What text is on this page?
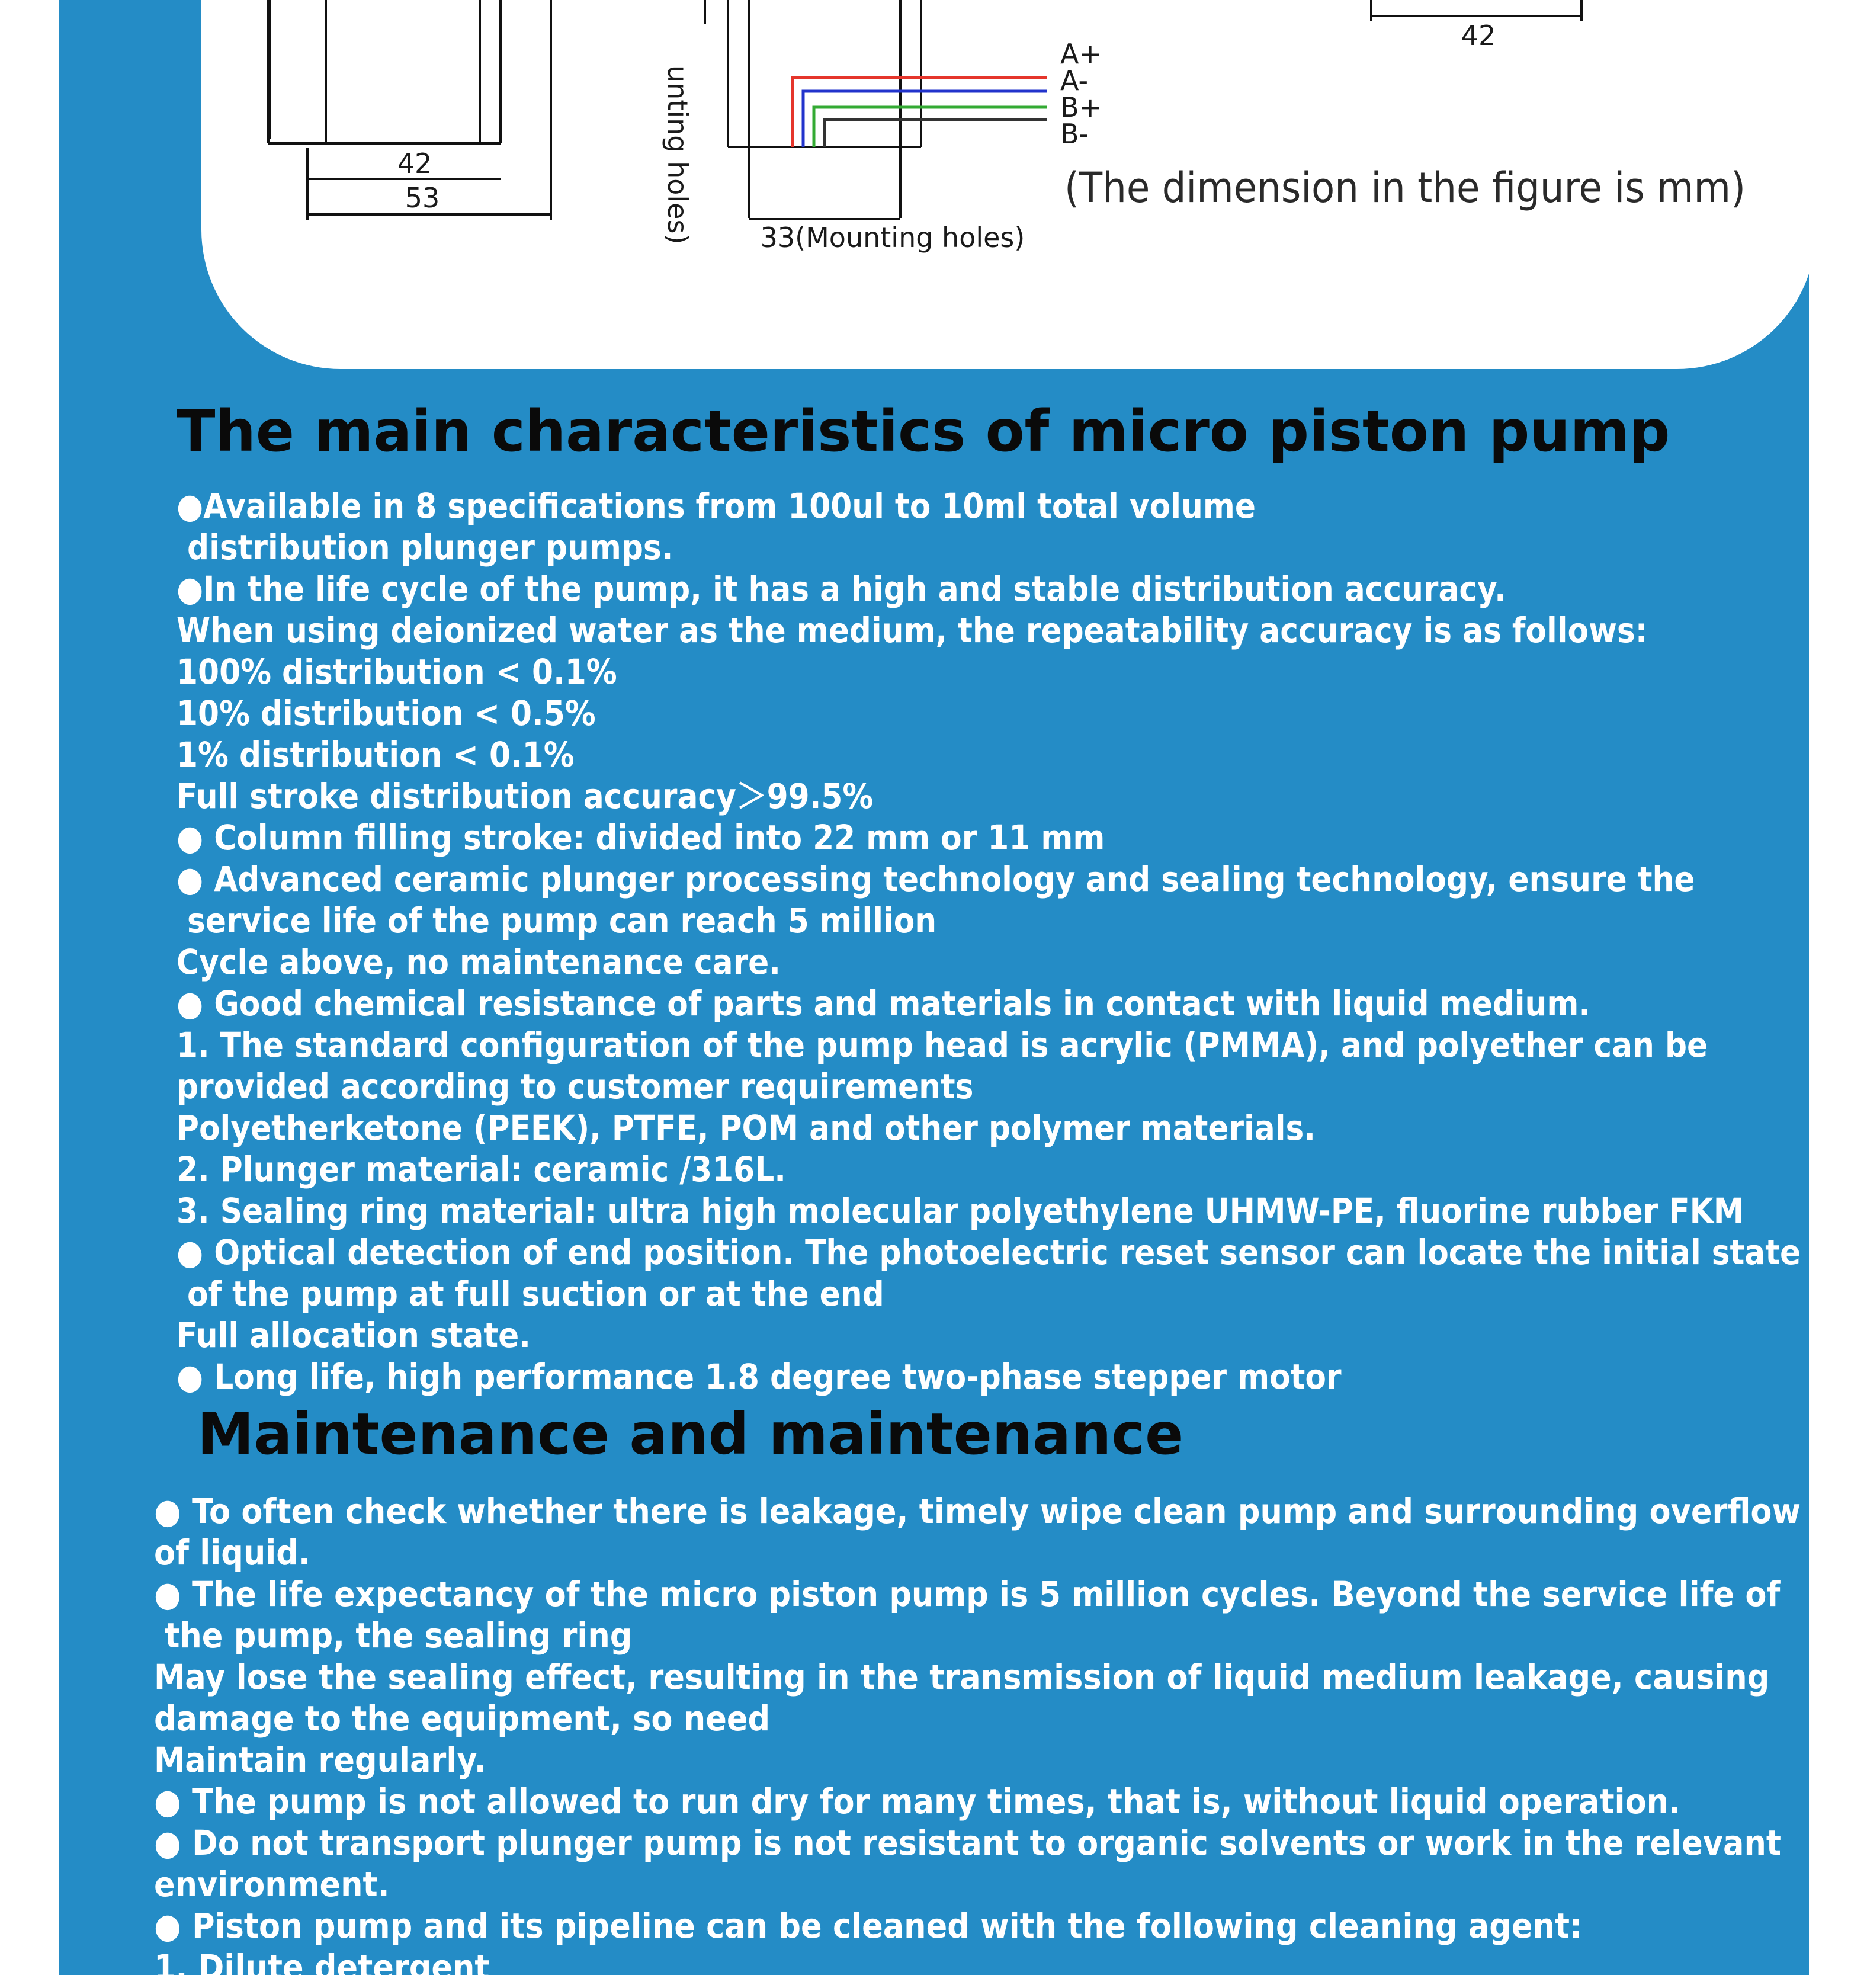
42
53	unting holes) 33(Mounting holes)
42
A+
A-
B+
B-
(The dimension in the figure is mm)
The main characteristics of micro piston pump
●Available in 8 specifications from 100ul to 10ml total volume
distribution plunger pumps.
●In the life cycle of the pump, it has a high and stable distribution accuracy.
When using deionized water as the medium, the repeatability accuracy is as follows:
100% distribution < 0.1%
10% distribution < 0.5%
1% distribution < 0.1%
Full stroke distribution accuracy＞99.5%
● Column filling stroke: divided into 22 mm or 11 mm
● Advanced ceramic plunger processing technology and sealing technology, ensure the
service life of the pump can reach 5 million
Cycle above, no maintenance care.
● Good chemical resistance of parts and materials in contact with liquid medium.
1. The standard configuration of the pump head is acrylic (PMMA), and polyether can be
provided according to customer requirements
Polyetherketone (PEEK), PTFE, POM and other polymer materials.
2. Plunger material: ceramic /316L.
3. Sealing ring material: ultra high molecular polyethylene UHMW-PE, fluorine rubber FKM
● Optical detection of end position. The photoelectric reset sensor can locate the initial state
of the pump at full suction or at the end
Full allocation state.
● Long life, high performance 1.8 degree two-phase stepper motor
Maintenance and maintenance
● To often check whether there is leakage, timely wipe clean pump and surrounding overflow
of liquid.
● The life expectancy of the micro piston pump is 5 million cycles. Beyond the service life of
the pump, the sealing ring
May lose the sealing effect, resulting in the transmission of liquid medium leakage, causing
damage to the equipment, so need
Maintain regularly.
● The pump is not allowed to run dry for many times, that is, without liquid operation.
● Do not transport plunger pump is not resistant to organic solvents or work in the relevant
environment.
● Piston pump and its pipeline can be cleaned with the following cleaning agent:
1. Dilute detergent
